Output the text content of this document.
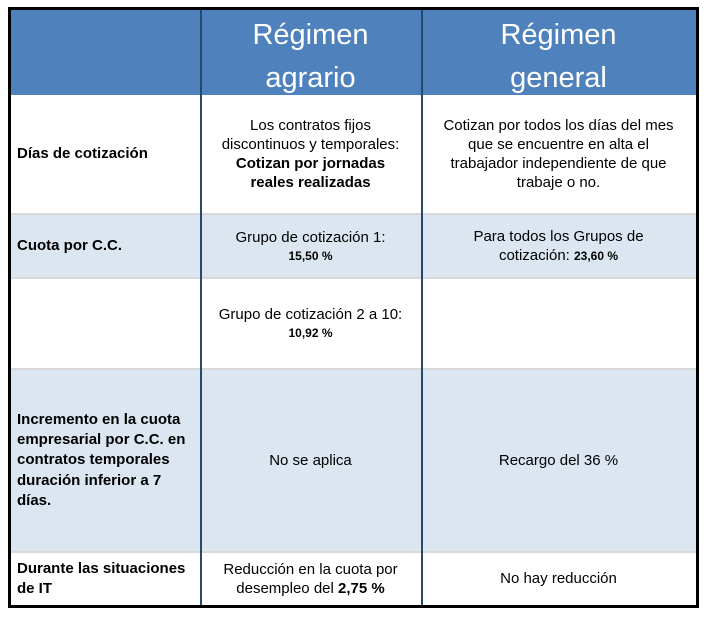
Régimen
agrario
Régimen
general
Días de cotización
Los contratos fijos discontinuos y temporales: Cotizan por jornadas reales realizadas
Cotizan por todos los días del mes que se encuentre en alta el trabajador independiente de que trabaje o no.
Cuota por C.C.	Grupo de cotización 1:
15,50 %
Para todos los Grupos de cotización: 23,60 %
Grupo de cotización 2 a 10:
10,92 %
Incremento en la cuota empresarial por C.C. en contratos temporales duración inferior a 7 días.
No se aplica	Recargo del 36 %
Durante las situaciones de IT
Reducción en la cuota por desempleo del 2,75 %
No hay reducción
